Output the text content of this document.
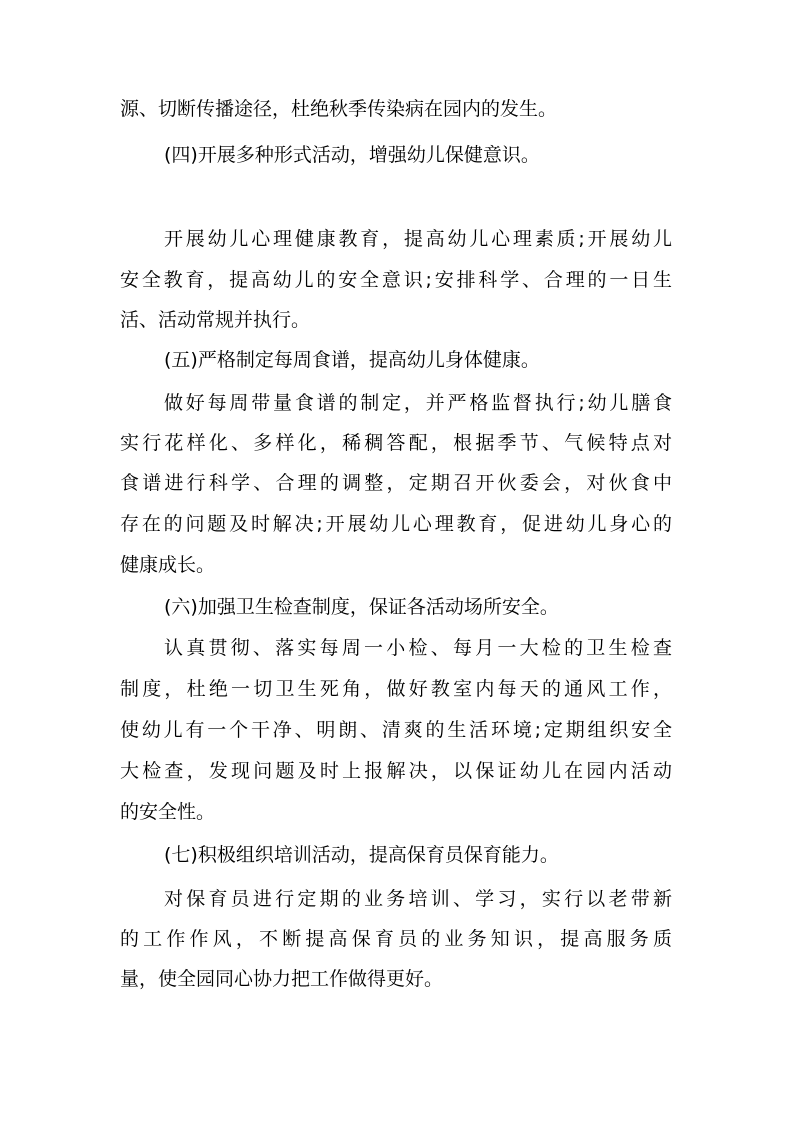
源、切断传播途径，杜绝秋季传染病在园内的发生。

(四)开展多种形式活动，增强幼儿保健意识。

开展幼儿心理健康教育，提高幼儿心理素质;开展幼儿

安全教育，提高幼儿的安全意识;安排科学、合理的一日生

活、活动常规并执行。

(五)严格制定每周食谱，提高幼儿身体健康。

做好每周带量食谱的制定，并严格监督执行;幼儿膳食

实行花样化、多样化，稀稠答配，根据季节、气候特点对

食谱进行科学、合理的调整，定期召开伙委会，对伙食中

存在的问题及时解决;开展幼儿心理教育，促进幼儿身心的

健康成长。

(六)加强卫生检查制度，保证各活动场所安全。

认真贯彻、落实每周一小检、每月一大检的卫生检查

制度，杜绝一切卫生死角，做好教室内每天的通风工作，

使幼儿有一个干净、明朗、清爽的生活环境;定期组织安全

大检查，发现问题及时上报解决，以保证幼儿在园内活动

的安全性。

(七)积极组织培训活动，提高保育员保育能力。

对保育员进行定期的业务培训、学习，实行以老带新

的工作作风，不断提高保育员的业务知识，提高服务质

量，使全园同心协力把工作做得更好。
